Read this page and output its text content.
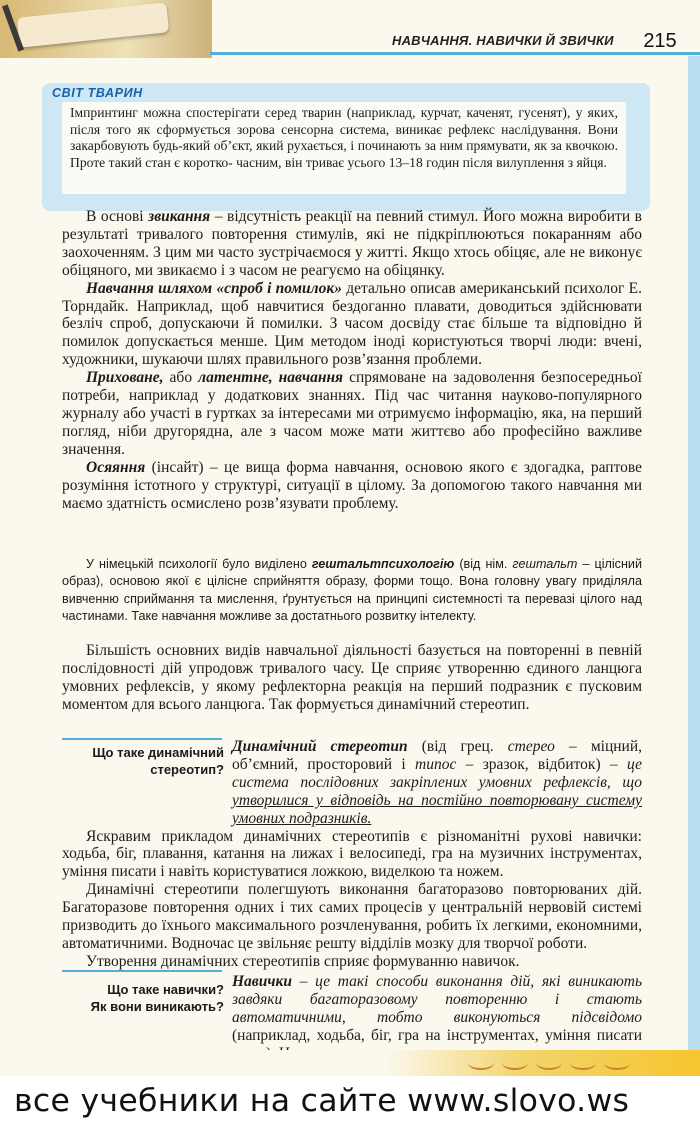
НАВЧАННЯ. НАВИЧКИ Й ЗВИЧКИ	215
СВІТ ТВАРИН

Імпринтинг можна спостерігати серед тварин (наприклад, курчат, каченят, гусенят), у яких, після того як сформується зорова сенсорна система, виникає рефлекс наслідування. Вони закарбовують будь-який об’єкт, який рухається, і починають за ним прямувати, як за квочкою. Проте такий стан є коротко- часним, він триває усього 13–18 годин після вилуплення з яйця.

В основі звикання – відсутність реакції на певний стимул. Його можна виробити в результаті тривалого повторення стимулів, які не підкріплюються покаранням або заохоченням. З цим ми часто зустрічаємося у житті. Якщо хтось обіцяє, але не виконує обіцяного, ми звикаємо і з часом не реагуємо на обіцянку.

Навчання шляхом «спроб і помилок» детально описав американський психолог Е. Торндайк. Наприклад, щоб навчитися бездоганно плавати, доводиться здійснювати безліч спроб, допускаючи й помилки. З часом досвіду стає більше та відповідно й помилок допускається менше. Цим методом іноді користуються творчі люди: вчені, художники, шукаючи шлях правильного розв’язання проблеми.

Приховане, або латентне, навчання спрямоване на задоволення безпосередньої потреби, наприклад у додаткових знаннях. Під час читання науково-популярного журналу або участі в гуртках за інтересами ми отримуємо інформацію, яка, на перший погляд, ніби другорядна, але з часом може мати життєво або професійно важливе значення.

Осяяння (інсайт) – це вища форма навчання, основою якого є здогадка, раптове розуміння істотного у структурі, ситуації в цілому. За допомогою такого навчання ми маємо здатність осмислено розв’язувати проблему.

У німецькій психології було виділено гештальтпсихологію (від нім. гештальт – цілісний образ), основою якої є цілісне сприйняття образу, форми тощо. Вона головну увагу приділяла вивченню сприймання та мислення, ґрунтується на принципі системності та перевазі цілого над частинами. Таке навчання можливе за достатнього розвитку інтелекту.

Більшість основних видів навчальної діяльності базується на повторенні в певній послідовності дій упродовж тривалого часу. Це сприяє утворенню єдиного ланцюга умовних рефлексів, у якому рефлекторна реакція на перший подразник є пусковим моментом для всього ланцюга. Так формується динамічний стереотип.

Що таке динамічний
стереотип?

Динамічний стереотип (від грец. стерео – міцний, об’ємний, просторовий і типос – зразок, відбиток) – це система послідовних закріплених умовних рефлексів, що утворилися у відповідь на постійно повторювану систему умовних подразників.

Яскравим прикладом динамічних стереотипів є різноманітні рухові навички: ходьба, біг, плавання, катання на лижах і велосипеді, гра на музичних інструментах, уміння писати і навіть користуватися ложкою, виделкою та ножем.

Динамічні стереотипи полегшують виконання багаторазово повторюваних дій. Багаторазове повторення одних і тих самих процесів у центральній нервовій системі призводить до їхнього максимального розчленування, робить їх легкими, економними, автоматичними. Водночас це звільняє решту відділів мозку для творчої роботи.

Утворення динамічних стереотипів сприяє формуванню навичок.

Що таке навички?
Як вони виникають?

Навички – це такі способи виконання дій, які виникають завдяки багаторазовому повторенню і стають автоматичними, тобто виконуються підсвідомо (наприклад, ходьба, біг, гра на інструментах, уміння писати

все учебники на сайте www.slovo.ws
